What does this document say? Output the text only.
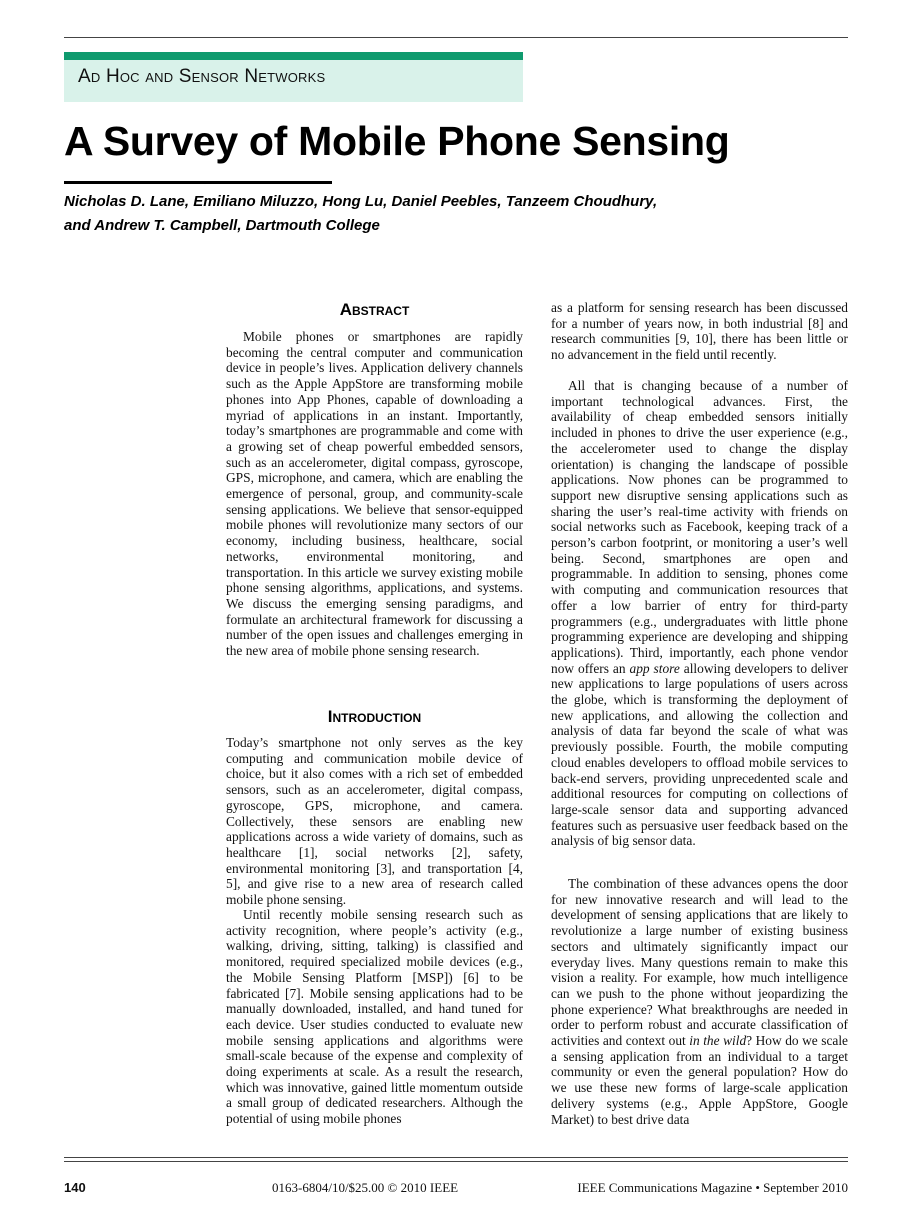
Ad Hoc and Sensor Networks
A Survey of Mobile Phone Sensing
Nicholas D. Lane, Emiliano Miluzzo, Hong Lu, Daniel Peebles, Tanzeem Choudhury,
and Andrew T. Campbell, Dartmouth College
Abstract

Mobile phones or smartphones are rapidly becoming the central computer and communication device in people’s lives. Application delivery channels such as the Apple AppStore are transforming mobile phones into App Phones, capable of downloading a myriad of applications in an instant. Importantly, today’s smartphones are programmable and come with a growing set of cheap powerful embedded sensors, such as an accelerometer, digital compass, gyroscope, GPS, microphone, and camera, which are enabling the emergence of personal, group, and community-scale sensing applications. We believe that sensor-equipped mobile phones will revolutionize many sectors of our economy, including business, healthcare, social networks, environmental monitoring, and transportation. In this article we survey existing mobile phone sensing algorithms, applications, and systems. We discuss the emerging sensing paradigms, and formulate an architectural framework for discussing a number of the open issues and challenges emerging in the new area of mobile phone sensing research.

Introduction

Today’s smartphone not only serves as the key computing and communication mobile device of choice, but it also comes with a rich set of embedded sensors, such as an accelerometer, digital compass, gyroscope, GPS, microphone, and camera. Collectively, these sensors are enabling new applications across a wide variety of domains, such as healthcare [1], social networks [2], safety, environmental monitoring [3], and transportation [4, 5], and give rise to a new area of research called mobile phone sensing.

Until recently mobile sensing research such as activity recognition, where people’s activity (e.g., walking, driving, sitting, talking) is classified and monitored, required specialized mobile devices (e.g., the Mobile Sensing Platform [MSP]) [6] to be fabricated [7]. Mobile sensing applications had to be manually downloaded, installed, and hand tuned for each device. User studies conducted to evaluate new mobile sensing applications and algorithms were small-scale because of the expense and complexity of doing experiments at scale. As a result the research, which was innovative, gained little momentum outside a small group of dedicated researchers. Although the potential of using mobile phones

as a platform for sensing research has been discussed for a number of years now, in both industrial [8] and research communities [9, 10], there has been little or no advancement in the field until recently.

All that is changing because of a number of important technological advances. First, the availability of cheap embedded sensors initially included in phones to drive the user experience (e.g., the accelerometer used to change the display orientation) is changing the landscape of possible applications. Now phones can be programmed to support new disruptive sensing applications such as sharing the user’s real-time activity with friends on social networks such as Facebook, keeping track of a person’s carbon footprint, or monitoring a user’s well being. Second, smartphones are open and programmable. In addition to sensing, phones come with computing and communication resources that offer a low barrier of entry for third-party programmers (e.g., undergraduates with little phone programming experience are developing and shipping applications). Third, importantly, each phone vendor now offers an app store allowing developers to deliver new applications to large populations of users across the globe, which is transforming the deployment of new applications, and allowing the collection and analysis of data far beyond the scale of what was previously possible. Fourth, the mobile computing cloud enables developers to offload mobile services to back-end servers, providing unprecedented scale and additional resources for computing on collections of large-scale sensor data and supporting advanced features such as persuasive user feedback based on the analysis of big sensor data.

The combination of these advances opens the door for new innovative research and will lead to the development of sensing applications that are likely to revolutionize a large number of existing business sectors and ultimately significantly impact our everyday lives. Many questions remain to make this vision a reality. For example, how much intelligence can we push to the phone without jeopardizing the phone experience? What breakthroughs are needed in order to perform robust and accurate classification of activities and context out in the wild? How do we scale a sensing application from an individual to a target community or even the general population? How do we use these new forms of large-scale application delivery systems (e.g., Apple AppStore, Google Market) to best drive data

140	0163-6804/10/$25.00 © 2010 IEEE	IEEE Communications Magazine • September 2010
